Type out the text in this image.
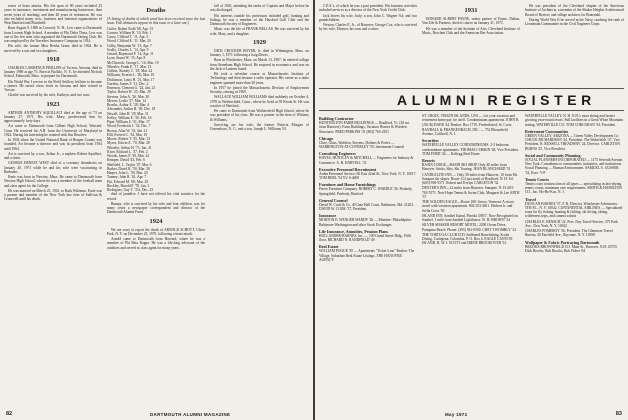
series of heart attacks. His life span of 80 years included 25 years in insurance, investment and manufacturing businesses; then seven years of teaching; and then 48 years of retirement. He was also included many civic, business and fraternal organizations of West Hartford and Plainfield.

Born August 9, 1890 in Concord, N. H., Lew came to Dartmouth from Loomis High School. A member of Phi Delta Theta, Lew was one of the few men who organized the Dartmouth Outing Club. He was employed by the Travelers Insurance Company in 1914.

His wife, the former Miss Bertha Grant, died in 1964. He is survived by a son and two daughters.

1918

CHARLES LAWRENCE PHILLIPS of Tucson, Arizona, died in January 1969 at age 73. Born in Buffalo, N. Y., he attended Nichols School, Falmouth, Mass. to prepare for Dartmouth.

His World War I service in the Field Artillery led him to become a farmer. He raised citrus fruits in Arizona and later retired in Tucson.

Charlie was survived by his wife, Kathryn, and two sons.

1923

ARTHUR ANTHONY SQUILLACI died at the age of 73 on January 27, 1971. His wife, Mary, predeceased him by approximately forty days.

Art came to Dartmouth from Gilbert High School, Winsted, Conn. He received his A.B. from the University of Maryland in 1924. During his internship he roomed with Jim Boucher.

In 1934 when the United National Bank of Bergen County was founded, Art became a director and was its president from 1954 until 1964.

Art is survived by a son, Arthur Jr., a nephew Robert Squillaci, and a sister.

GEORGE ERNEST WEST died of a coronary thrombosis on January 20, 1971 while he and his wife were vacationing in Barbados.

Ernie was born in Newton, Mass. He came to Dartmouth from Newton High School, where he was a member of the football team and class agent for the College.

He was married on March 25, 1941, to Ruth Wileman. Ernie was a partner and member of the New York law firm of Sullivan & Cromwell until his death.

Deaths

[A listing of deaths of which word has been received since the last issue. Full obituaries appear in this issue or a later one.]

Cutler, Robert Kohl '08, Apr. 13
Connor, William H. '10, Feb. 1
Casey, Clifford T. '11, Apr. 3
Wood, Clifford E. '11, Mar. 20
Colby, Benjamin W. '13, Apr. 7
Scully, Charles L. '14, Apr. 9
Gerard, Raymond F. '14, Apr. 11
Lyon, Stuart W. '15, Apr. 8
McClintock, George L. '16, Mar. 19
Wheeler, Frank E. '17, Mar. 13
Collins, Stanley C. '18, Mar. 22
Williams, Everett L. '20, Mar. 10
Dickinson, Louis H. '21, Mar. 17
Gordon, James F. '21, Dec. 2
Emerson, Clement G. '24, Jan. 21
Taylor, Robert W. '25, Mar. 29
Stevens, John A. '26, Mar. 20
Mercer, Leslie '27, Mar. 14
Brooks, Arthur E. '28, Mar. 4
Alexander, Arthur B. '29, Dec. 18
Newell, John H. '29, Mar. 31
Kelley, William E. '30, Feb. 16
Piper, William S. '31, Mar. 17
Wood, Frederick J. '32, Dec. 7
Brown, Alan W. '33, Jan. 21
Hill, Everett C. '34, Mar. 19
Moore, Robert T. '35, Mar. 13
Myers, Edwin A. '70, Mar. 28
Wheeler, Arthur H. '71, Jan. 21
Kiser, Richard L. '37, Feb. 2
Woods, James P. '39, Mar. 24
Kemper, David '43, Feb. 6
Sheffield, L. Taylor '47, Mar. 6
Barker, David K. '50, Mar. 30
Harper, John L. '59, Mar. 20
Tunney, John R. '61, Apr. 7
Pitt, Edward M. '69, Mar. 29
Buckley, Harold F. '70, Jan. 3
Rodrigues, Guy T. '37a, Dec. 25

died of jaundice. I have not offered his vital statistics for the record.

Bumps, who is survived by his wife and four children, was for many years a newspaper correspondent and director of the Dartmouth Alumni Fund.

1924

We are sorry to report the death of ARNOLD SCHOTT, Ulster Park, N. Y. on December 23, 1970, following a heart attack.

Arnold came to Dartmouth from Harvard, where he was a member of Phi Beta Kappa. He was a life-long advocate of the outdoors and served as class agent for many years.

fall of 1945, attending the ranks of Captain and Major before he was discharged.

His interests outside his profession included golf, hunting and fishing; he was a member of the Hartford Golf Club and the Dartmouth Society of Engineers.

Music was the life of FRANK BELLAS. He was survived by his wife, Mary, and a daughter.

1929

DICK CROCKER BOYER, Jr. died in Wilmington, Mass. on January 1, 1971 following a long illness.

Born in Winchester, Mass. on March 13, 1907, he entered college from Stoneham High School. He majored in economics and was on the Jack-o-Lantern board.

He took a refresher course at Massachusetts Institute of Technology and then became a radio operator. His career as a radio engineer spanned more than 30 years.

In 1957 he joined the Massachusetts Division of Employment Security, retiring in 1969.

WALLACE WILLIAM WILLIAMS died suddenly on October 4, 1970 in Wethersfield, Conn., where he lived at 95 Brook St. He was a native of Hartford.

He came to Dartmouth from Wethersfield High School, where he was president of his class. He was a partner in the firm of Whitney & Williams.

Surviving are his wife, the former Patricia Morgan of Greensboro, N. C., and a son, Joseph L. Williams '61.

82	DARTMOUTH ALUMNI MAGAZINE

C.P.A.'s, of which he was a past president. His business activities included services as a director of the New York Credit Club.

Jack leaves his wife, Judy; a son, John C. Wagner '64; and two grandchildren.

Weston, Charles F., Jr., of Hanover; George Cox, who is survived by his wife, Eleanor, his sons and a sister.

1931

EDWARD ALBERT PAYNE, senior partner of Payne, Dalton, Van Zile & Partners, died of cancer on January 31, 1971.

He was a member of the Institute of Arts, Cleveland Institute of Music, Rowfant Club and the American Bar Association.

He was president of the Cleveland chapter of the American Institute of Architects, a member of the Shaker Heights Architectural Board of Review, and village architect for Bratenahl.

During World War II he served in the Navy, reaching the rank of Lieutenant Commander in the Civil Engineer Corps.

ALUMNI REGISTER
Building Contractor
HUNTINGTON FARM BUILDINGS — Bradford, Vt. (20 mi. from Hanover). Farm Buildings, Vacation Homes & Wooden Structures. FRED PERKINS '31 (802) 765-2291
Chicago
Cline, Glass, Waldron, Stevens, Holmes & Porter — WARRINGTON-AT-COVERLEY '59, Investment Counsel
Consulting Engineers
HAYES, HUNTLEY & MITCHELL — Engineers for Industry & Commerce. A. B. HARVELL '31
Executive Personnel Recruitment
Arden Personnel Service, 60 East 42nd St., New York, N. Y. 10017. TOM BERL '54 YU 6-4600
Furniture and Home Furnishings
Pierce Furniture Company. ROBERT C. WARDLE '36. Peabody, Springfield, Peabody, Hartford
General Counsel
David W. Cook & Co. 40 Gate Hall Court, Baltimore, Md. 21202. DAVID W. COOK '37, President
Insurance
MORTON E. WENGER HARDY '26 — Member: Philadelphia-Baltimore-Washington and other Stock Exchanges
Life Insurance, Annuities, Pension Plans
HOLLANDER-BARNES, Inc. — 100 Grand Street Bldg., Fifth floor. RICHARD N. RANDFIELD '49
Real Estate
WILLIAM POGUE '30 — Apartments "Ticket-Line" Realtor. The Village, Suburban Real Estate Listings. THE HANOVER AGENCY
ST. CROIX, VIRGIN ISLANDS, USA — Let your vacation and retirement home pay for itself. Condominium apartments. JOHN R. (JACK) BAER '44, Realtor. Box 1710, Frederiksted, St. Croix
RANDALL & FRANKENBACH, INC. — 752 Bloomfield Avenue, Caldwell, N. J.
Securities
WATERVILLE VALLEY CONDOMINIUMS. 2-3 bedroom condominium apartments. THOMAS CORKIN '48, Vice President. TOM FORD '44 — Kellogg Real Estate
Resorts
BASIN LODGE—BASIN SKI SHOP. Only 40 miles from Hanover. Sticks, Skis, Ski Touring. JEAN BLANCHARD '51
CANDLELITE INN — Only 50 miles from Hanover, 10 from Mt. Sunapee ski slopes. Route 114 just north of Bradford. N. H. Tel. (603) 938-5571. Robert and Evelyn CARLETON '32
DEXTER'S INN—12 miles from Hanover. Sunapee, N. H. 603-763-5571. New Hope Tennis & Swim Club. Margaret & Lee ARTH '37
THE GOLDEN EAGLE—Route 108. Stowe, Vermont. A resort motel with vacation apartments. 802-253-4811. Herbert Jr. and Stella Cross '50
ISLAND INN, Sanibel Island, Florida 33957. Now Recognized on Sanibel. 1 mile from Sanibel Lighthouse. W. H. BROWN '34
SILVER SHAKER RESORT MOTEL, 2200 Ocean Drive, Pompano Beach. Phone: (305) 941-0500. CHET TWOMBLY '34
THE TORTUGA CLUB LTD. Sailboard Bonefishing, Scuba Diving. Cartegena, Colombia. P. O. Box 4. EAGLE CANYON ISLAND, B. W. I. SCOTT and IRENE BROOKOVER '31
WATERVILLE VALLEY, N. H. N.H.'s most skiing and fastest growing year-round resort. Full facilities in a Great White Mountain setting. WATERVILLE CO. TOM CORCORAN '54, President
Retirement Communities
GREEN VALLEY, ARIZONA — Green Valley Development Co. CHUCK RICHARDSON '44, President. The Wakefields '37, Vice President. R. RUSSELL TREADWAY '24, Director. CARLETON BURNS '25, Vice President
Social and Community Planning
SOCIAL PLANNERS INCORPORATED — 1175 Seventh Avenue, New York. Consultants to communities, industries, and institutions. Social Planning — Human Environment. SAMUEL A. GUSSER '52, Exec. V-P
Tennis Courts
Tennis court construction of all types — specializing in fast-drying tennis courts, minimum care requirements. SMITH & HAMILTON CO., Inc. Ho-Ho-Kus, N. J.
Travel
DUNCAN BARNES '57, P. R. Director. Winchester Adventures. 5TH FL., N. Y. 10022. CONTINENTAL AIRLINES — Specialized tours for fly fishing, hunting & fishing, ski diving, skiing, wilderness trips, and camera safaris
CHARLES E. BENSCH '22, Pres. Day Travel Service, 375 Park Ave., New York, N. Y. 10022
CHARLES POMEROY '36, President. The Glenmore Travel Bureau, 40 Fairfield Ave., Bayonne, N. Y. 10398
Wallpaper & Fabric Portraying Dartmouth
BROOKS BROWNFIELD CO. Main St., Hanover, N.H. 03755. Dick Brooks, Bob Brooks, Bob Fisher '64
May 1971	83
